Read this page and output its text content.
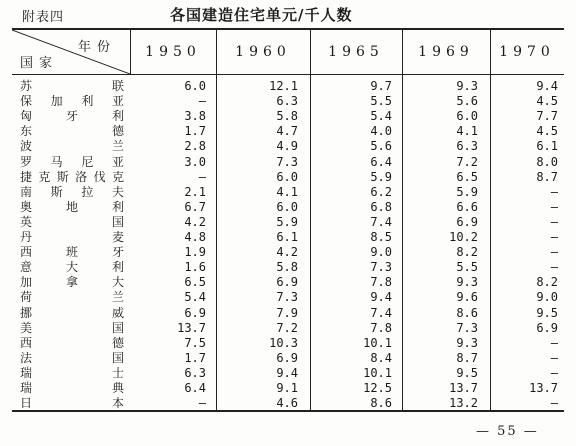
附表四	各国建造住宅单元/千人数
年 份
国 家
1950	1960	1965	1969	1970
苏	联	6.0	12.1	9.7	9.3	9.4
保 加 利 亚	—	6.3	5.5	5.6	4.5
匈	牙	利	3.8	5.8	5.4	6.0	7.7
东	德	1.7	4.7	4.0	4.1	4.5
波	兰	2.8	4.9	5.6	6.3	6.1
罗 马 尼 亚	3.0	7.3	6.4	7.2	8.0
捷 克 斯 洛 伐 克	—	6.0	5.9	6.5	8.7
南 斯 拉 夫	2.1	4.1	6.2	5.9	—
奥	地	利	6.7	6.0	6.8	6.6	—
英	国	4.2	5.9	7.4	6.9	—
丹	麦	4.8	6.1	8.5	10.2	—
西	班	牙	1.9	4.2	9.0	8.2	—
意	大	利	1.6	5.8	7.3	5.5	—
加	拿	大	6.5	6.9	7.8	9.3	8.2
荷	兰	5.4	7.3	9.4	9.6	9.0
挪	威	6.9	7.9	7.4	8.6	9.5
美	国	13.7	7.2	7.8	7.3	6.9
西	德	7.5	10.3	10.1	9.3	—
法	国	1.7	6.9	8.4	8.7	—
瑞	士	6.3	9.4	10.1	9.5	—
瑞	典	6.4	9.1	12.5	13.7	13.7
日	本	—	4.6	8.6	13.2	—
— 55 —
